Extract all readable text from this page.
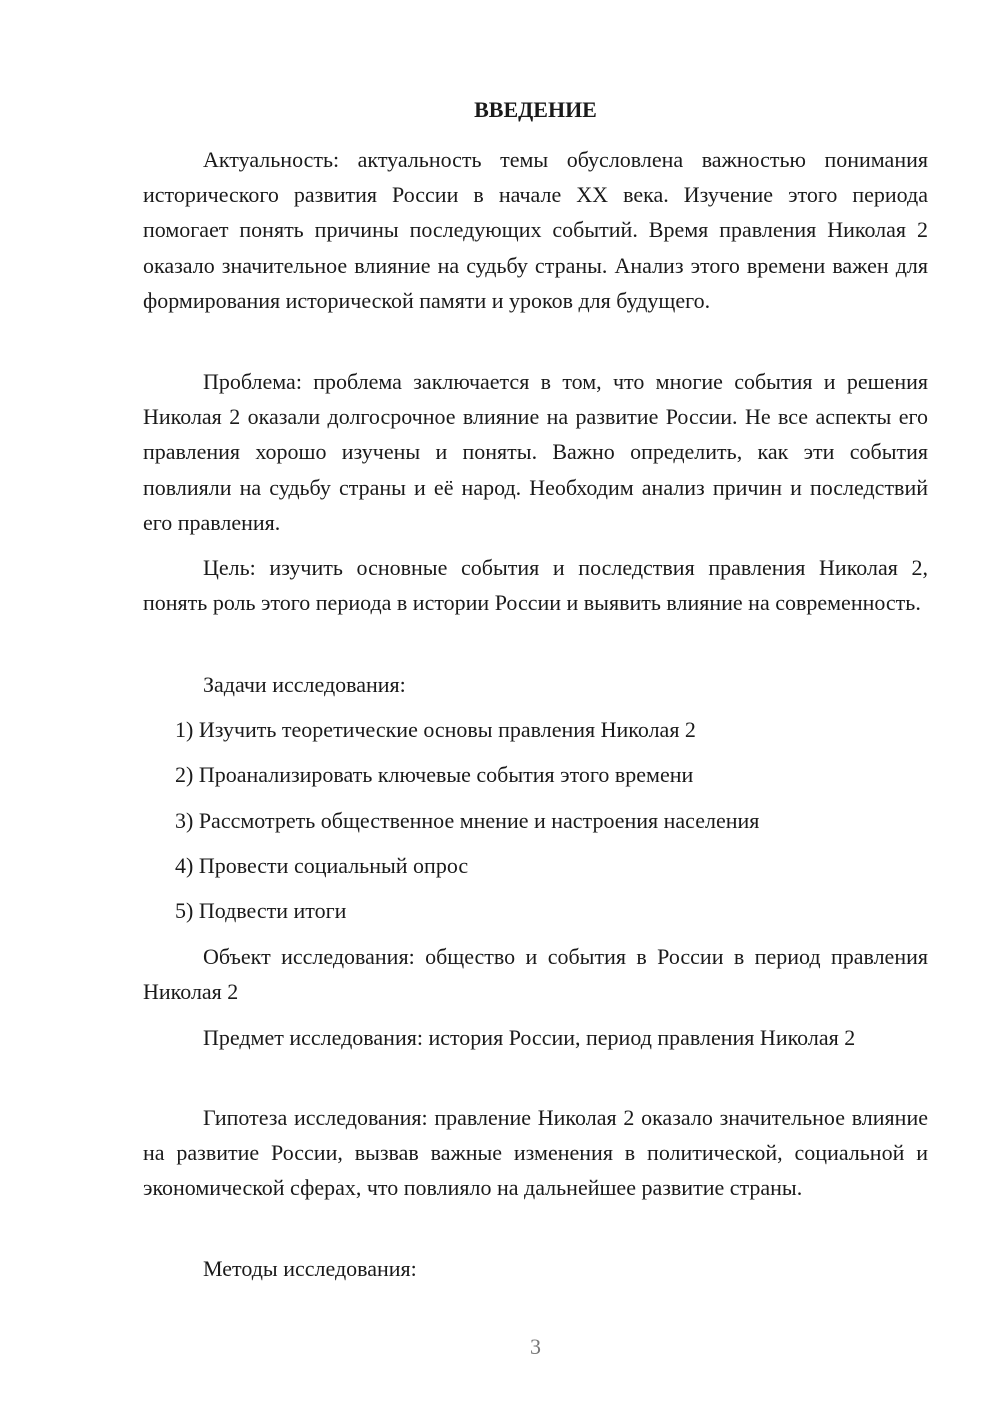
ВВЕДЕНИЕ

Актуальность: актуальность темы обусловлена важностью понимания исторического развития России в начале XX века. Изучение этого периода помогает понять причины последующих событий. Время правления Николая 2 оказало значительное влияние на судьбу страны. Анализ этого времени важен для формирования исторической памяти и уроков для будущего.

Проблема: проблема заключается в том, что многие события и решения Николая 2 оказали долгосрочное влияние на развитие России. Не все аспекты его правления хорошо изучены и поняты. Важно определить, как эти события повлияли на судьбу страны и её народ. Необходим анализ причин и последствий его правления.

Цель: изучить основные события и последствия правления Николая 2, понять роль этого периода в истории России и выявить влияние на современность.

Задачи исследования:

1) Изучить теоретические основы правления Николая 2

2) Проанализировать ключевые события этого времени

3) Рассмотреть общественное мнение и настроения населения

4) Провести социальный опрос

5) Подвести итоги

Объект исследования: общество и события в России в период правления Николая 2

Предмет исследования: история России, период правления Николая 2

Гипотеза исследования: правление Николая 2 оказало значительное влияние на развитие России, вызвав важные изменения в политической, социальной и экономической сферах, что повлияло на дальнейшее развитие страны.

Методы исследования:

3
